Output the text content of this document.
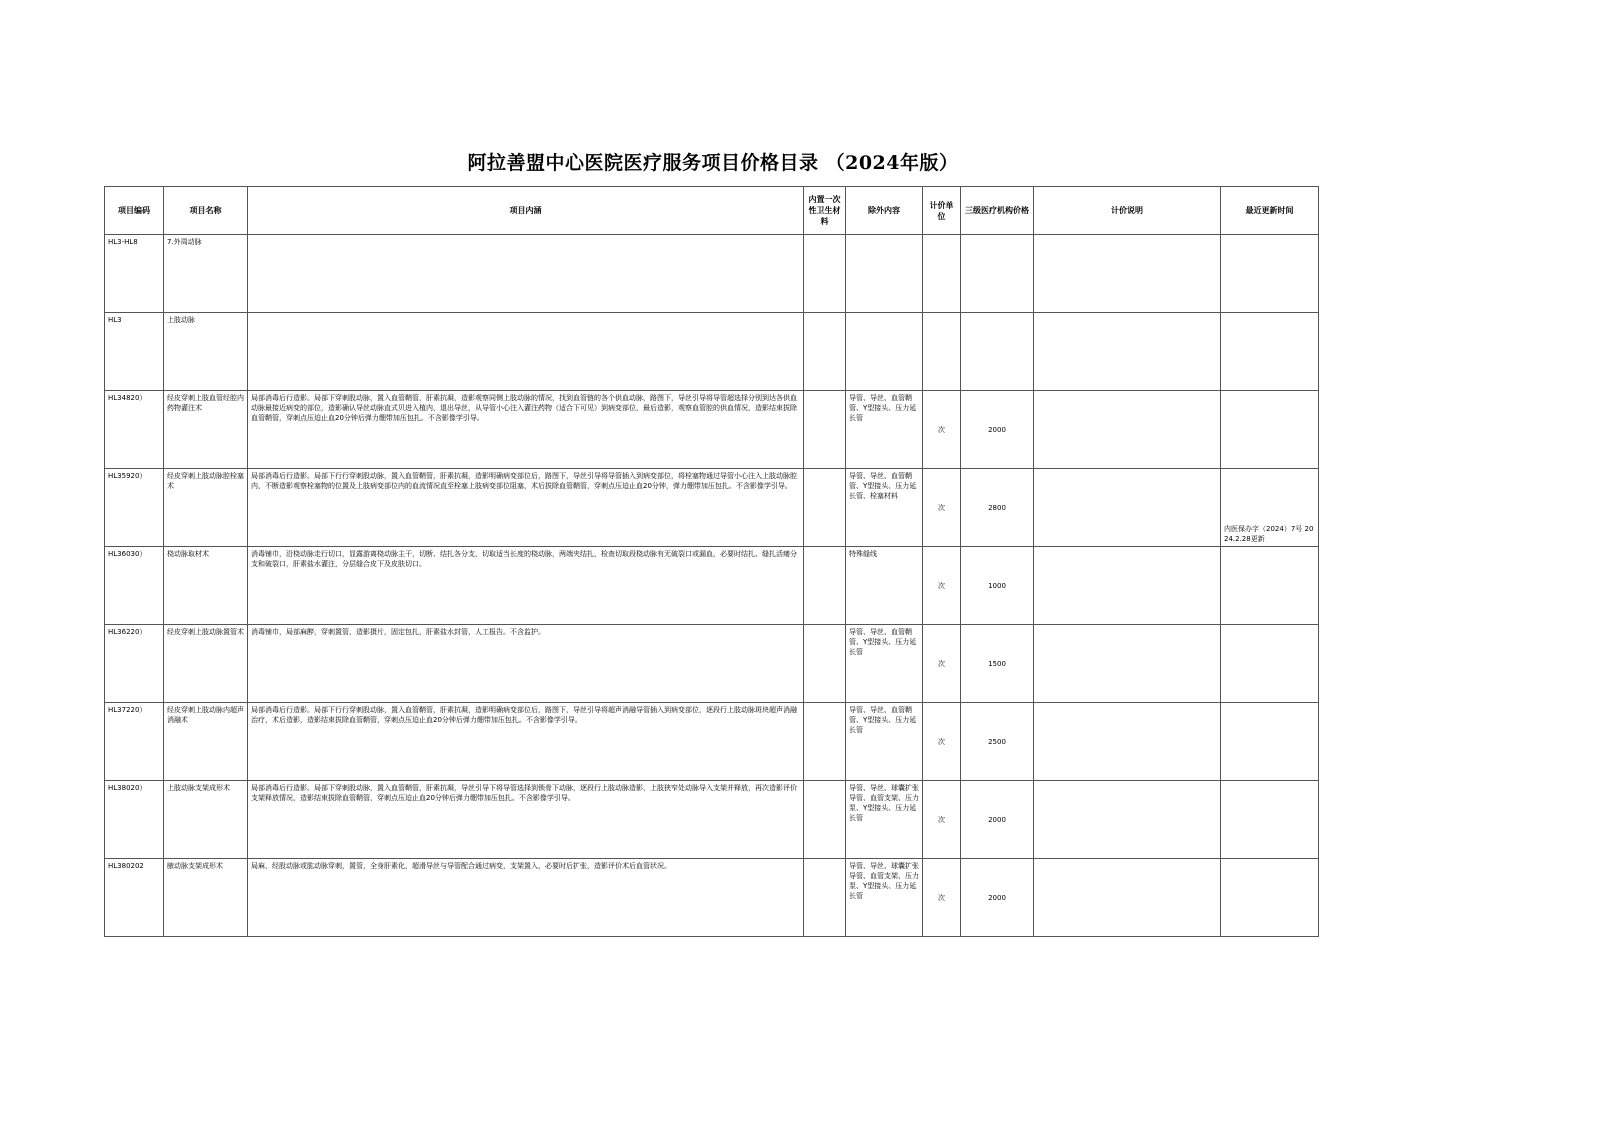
阿拉善盟中心医院医疗服务项目价格目录 （2024年版）
项目编码	项目名称	项目内涵	内置一次性卫生材料	除外内容	计价单位	三级医疗机构价格	计价说明	最近更新时间
HL3-HL8	7.外周动脉							
HL3	上肢动脉							
HL34820）	经皮穿刺上肢血管经腔内药物灌注术	局部消毒后行造影。局部下穿刺股动脉，置入血管鞘管，肝素抗凝，造影观察同侧上肢动脉的情况，找到血管链的各个供血动脉，路图下，导丝引导将导管超选择分别到达各供血动脉最接近病变的部位，造影确认导丝动脉直式贝进入植内，退出导丝，从导管小心注入灌注药物（适合下可见）到病变部位，最后造影，观察血管腔的供血情况，造影结束拔除血管鞘管，穿刺点压迫止血20分钟后弹力绷带加压包扎。不含影像学引导。		导管、导丝、血管鞘管、Y型接头、压力延长管	次	2000		
HL35920）	经皮穿刺上肢动脉腔栓塞术	局部消毒后行造影。局部下行行穿刺股动脉，置入血管鞘管，肝素抗凝，造影明确病变部位后，路图下，导丝引导将导管插入到病变部位，将栓塞物通过导管小心注入上肢动脉腔内，不断造影观察栓塞物的位置及上肢病变部位内的血流情况直至栓塞上肢病变部位阻塞，术后拔除血管鞘管，穿刺点压迫止血20分钟，弹力绷带加压包扎。不含影像学引导。		导管、导丝、血管鞘管、Y型接头、压力延长管、栓塞材料	次	2800		内医保办字（2024）7号 2024.2.28更新
HL36030）	桡动脉取材术	消毒铺巾，沿桡动脉走行切口，显露游离桡动脉主干，切断、结扎各分支，切取适当长度的桡动脉，两端夹结扎，检查切取段桡动脉有无破裂口或漏血，必要时结扎、缝扎活瘘分支和破裂口，肝素盐水灌注，分层缝合皮下及皮肤切口。		特殊缝线	次	1000		
HL36220）	经皮穿刺上肢动脉置管术	消毒铺巾，局部麻醉，穿刺置管，造影摄片，固定包扎，肝素盐水封管，人工报告。不含监护。		导管、导丝、血管鞘管、Y型接头、压力延长管	次	1500		
HL37220）	经皮穿刺上肢动脉内超声消融术	局部消毒后行造影。局部下行行穿刺股动脉，置入血管鞘管，肝素抗凝，造影明确病变部位后，路图下，导丝引导将超声消融导管插入到病变部位，逐段行上肢动脉斑块超声消融治疗，术后造影，造影结束拔除血管鞘管，穿刺点压迫止血20分钟后弹力绷带加压包扎。不含影像学引导。		导管、导丝、血管鞘管、Y型接头、压力延长管	次	2500		
HL38020）	上肢动脉支架成形术	局部消毒后行造影。局部下穿刺股动脉，置入血管鞘管，肝素抗凝，导丝引导下将导管选择到锁骨下动脉，逐段行上肢动脉造影，上肢狭窄处动脉导入支架并释放，再次造影评价支架释放情况，造影结束拔除血管鞘管，穿刺点压迫止血20分钟后弹力绷带加压包扎。不含影像学引导。		导管、导丝、球囊扩张导管、血管支架、压力泵、Y型接头、压力延长管	次	2000		
HL380202	腋动脉支架成形术	局麻，经股动脉或肱动脉穿刺，置管，全身肝素化，超滑导丝与导管配合通过病变，支架置入，必要时后扩张，造影评价术后血管状况。		导管、导丝、球囊扩张导管、血管支架、压力泵、Y型接头、压力延长管	次	2000		
